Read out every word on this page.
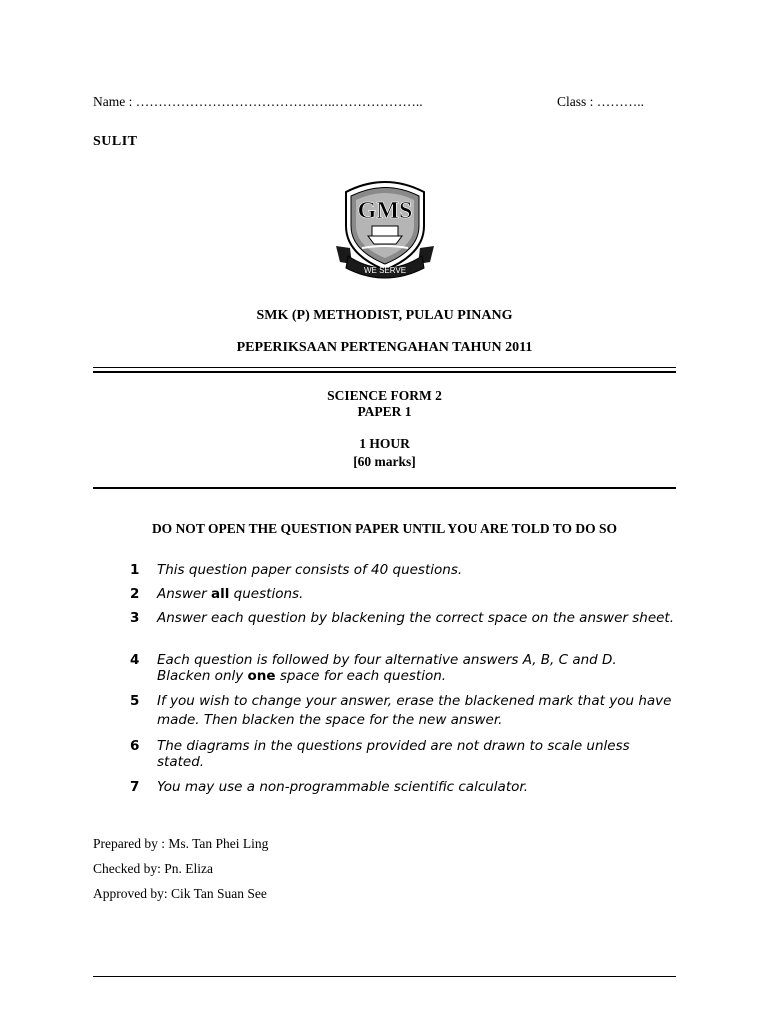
Name : ………………………………….…..………………..	Class : ………..
SULIT
GMS
WE SERVE
SMK (P) METHODIST, PULAU PINANG
PEPERIKSAAN PERTENGAHAN TAHUN 2011
SCIENCE FORM 2
PAPER 1
1 HOUR
[60 marks]
DO NOT OPEN THE QUESTION PAPER UNTIL YOU ARE TOLD TO DO SO
1 This question paper consists of 40 questions.
2 Answer all questions.
3 Answer each question by blackening the correct space on the answer sheet.
4 Each question is followed by four alternative answers A, B, C and D.
Blacken only one space for each question.
5 If you wish to change your answer, erase the blackened mark that you have made. Then blacken the space for the new answer.
6 The diagrams in the questions provided are not drawn to scale unless stated.
7 You may use a non-programmable scientific calculator.
Prepared by : Ms. Tan Phei Ling
Checked by: Pn. Eliza
Approved by: Cik Tan Suan See
